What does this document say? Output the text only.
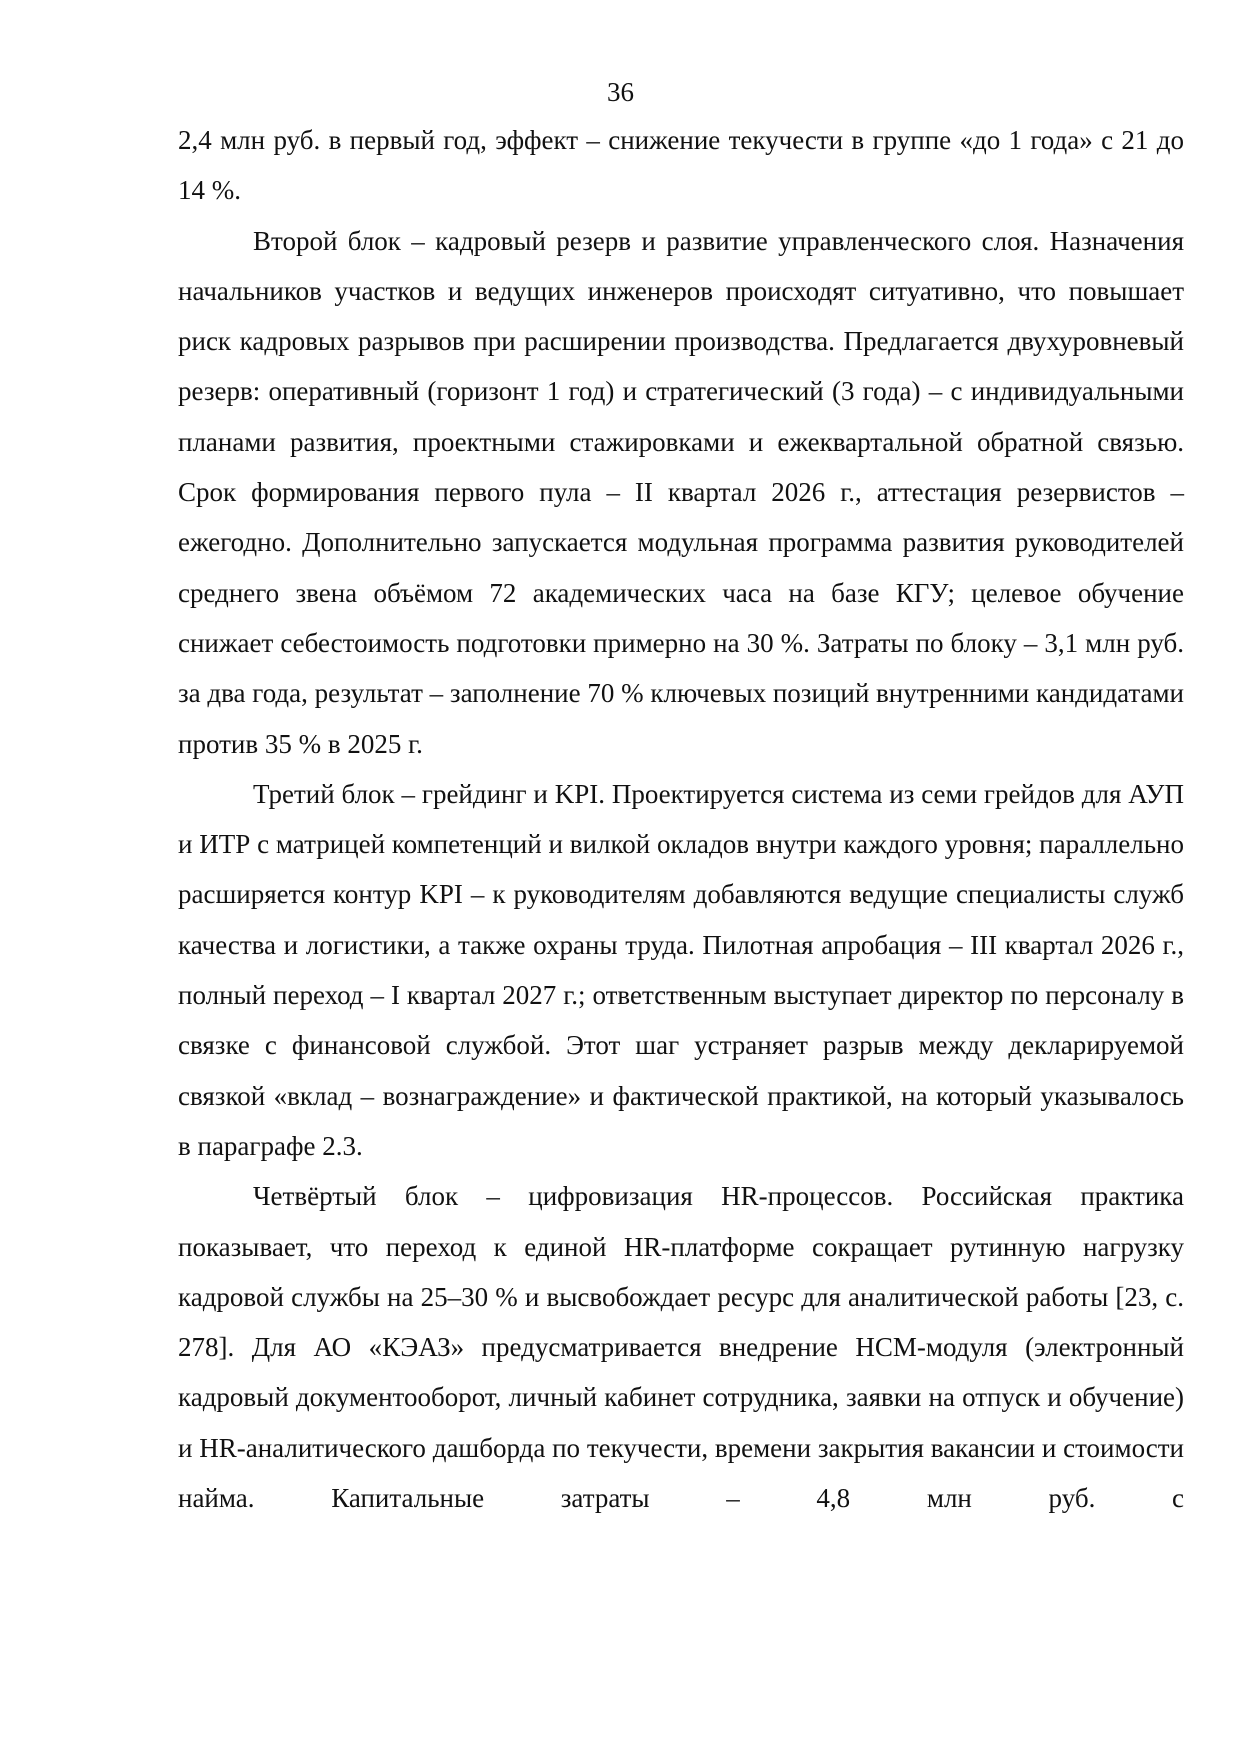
36

2,4 млн руб. в первый год, эффект – снижение текучести в группе «до 1 года» с 21 до 14 %.

Второй блок – кадровый резерв и развитие управленческого слоя. Назначения начальников участков и ведущих инженеров происходят ситуативно, что повышает риск кадровых разрывов при расширении производства. Предлагается двухуровневый резерв: оперативный (горизонт 1 год) и стратегический (3 года) – с индивидуальными планами развития, проектными стажировками и ежеквартальной обратной связью. Срок формирования первого пула – II квартал 2026 г., аттестация резервистов – ежегодно. Дополнительно запускается модульная программа развития руководителей среднего звена объёмом 72 академических часа на базе КГУ; целевое обучение снижает себестоимость подготовки примерно на 30 %. Затраты по блоку – 3,1 млн руб. за два года, результат – заполнение 70 % ключевых позиций внутренними кандидатами против 35 % в 2025 г.

Третий блок – грейдинг и KPI. Проектируется система из семи грейдов для АУП и ИТР с матрицей компетенций и вилкой окладов внутри каждого уровня; параллельно расширяется контур KPI – к руководителям добавляются ведущие специалисты служб качества и логистики, а также охраны труда. Пилотная апробация – III квартал 2026 г., полный переход – I квартал 2027 г.; ответственным выступает директор по персоналу в связке с финансовой службой. Этот шаг устраняет разрыв между декларируемой связкой «вклад – вознаграждение» и фактической практикой, на который указывалось в параграфе 2.3.

Четвёртый блок – цифровизация HR-процессов. Российская практика показывает, что переход к единой HR-платформе сокращает рутинную нагрузку кадровой службы на 25–30 % и высвобождает ресурс для аналитической работы [23, с. 278]. Для АО «КЭАЗ» предусматривается внедрение HCM-модуля (электронный кадровый документооборот, личный кабинет сотрудника, заявки на отпуск и обучение) и HR-аналитического дашборда по текучести, времени закрытия вакансии и стоимости найма. Капитальные затраты – 4,8 млн руб. с
